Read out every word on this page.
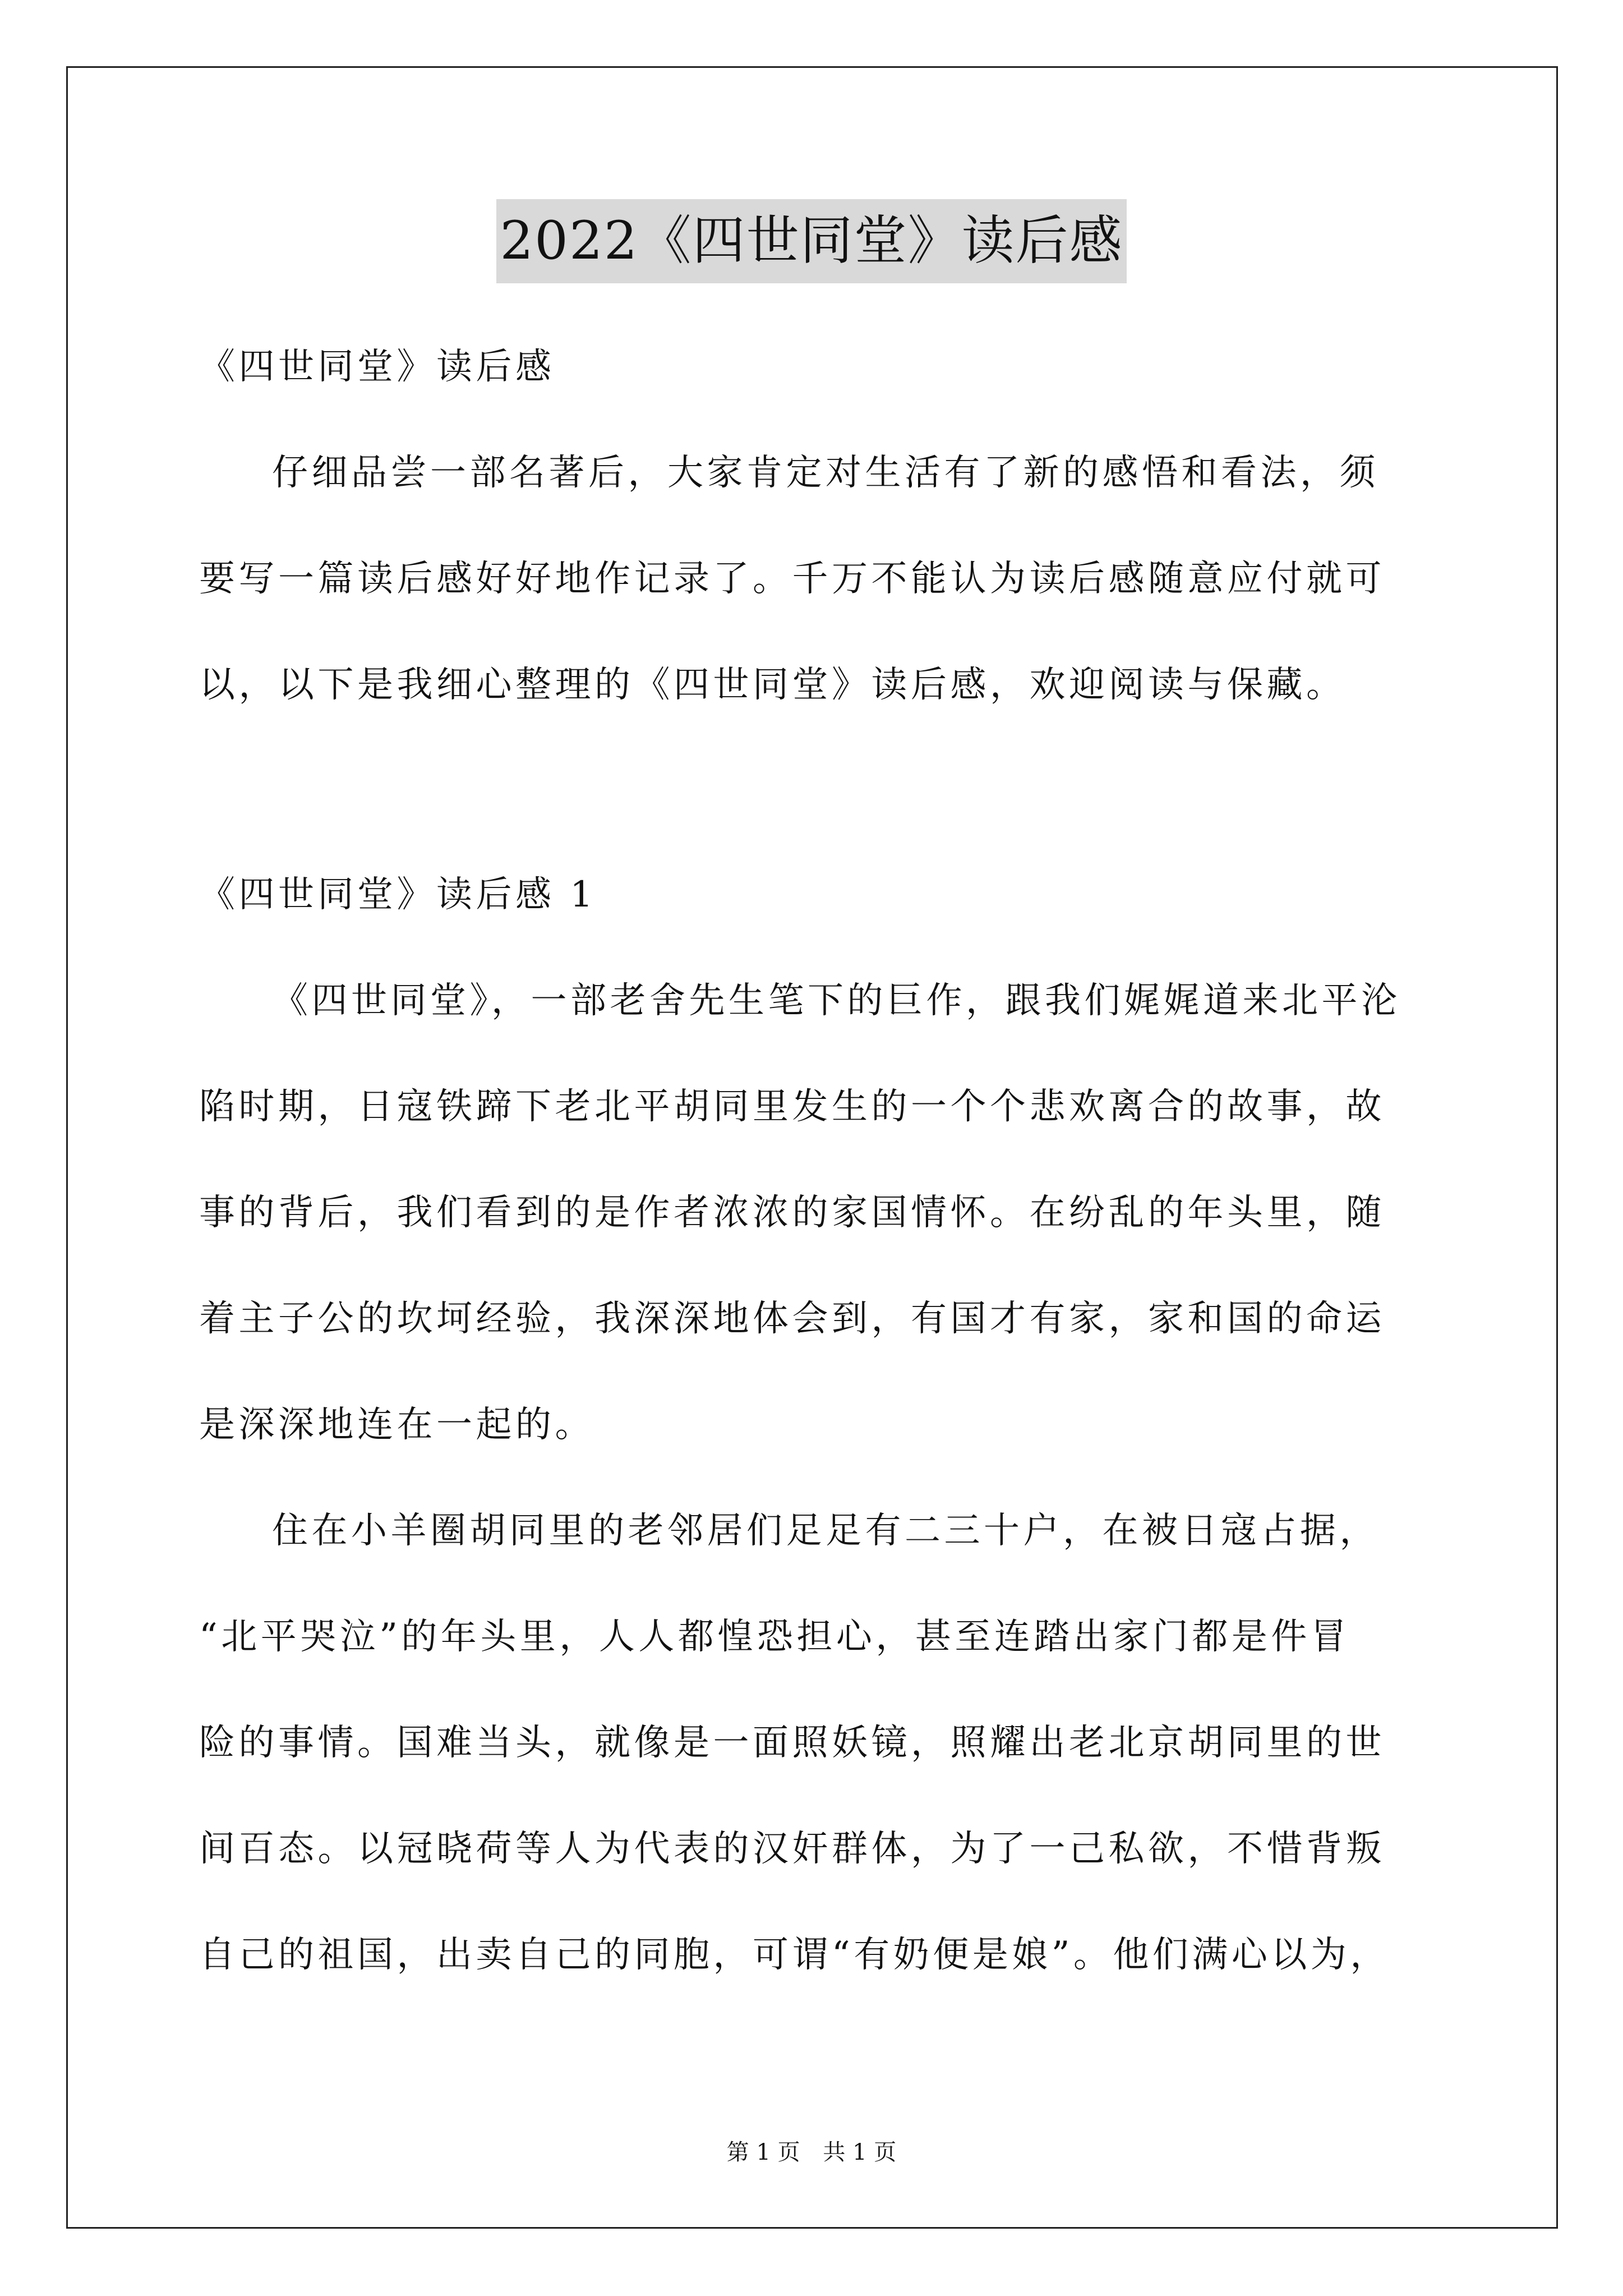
2022《四世同堂》读后感
《四世同堂》读后感
仔细品尝一部名著后，大家肯定对生活有了新的感悟和看法，须
要写一篇读后感好好地作记录了。千万不能认为读后感随意应付就可
以，以下是我细心整理的《四世同堂》读后感，欢迎阅读与保藏。
《四世同堂》读后感 1
《四世同堂》，一部老舍先生笔下的巨作，跟我们娓娓道来北平沦
陷时期，日寇铁蹄下老北平胡同里发生的一个个悲欢离合的故事，故
事的背后，我们看到的是作者浓浓的家国情怀。在纷乱的年头里，随
着主子公的坎坷经验，我深深地体会到，有国才有家，家和国的命运
是深深地连在一起的。
住在小羊圈胡同里的老邻居们足足有二三十户，在被日寇占据，
“北平哭泣”的年头里，人人都惶恐担心，甚至连踏出家门都是件冒
险的事情。国难当头，就像是一面照妖镜，照耀出老北京胡同里的世
间百态。以冠晓荷等人为代表的汉奸群体，为了一己私欲，不惜背叛
自己的祖国，出卖自己的同胞，可谓“有奶便是娘”。他们满心以为，
第 1 页 共 1 页
